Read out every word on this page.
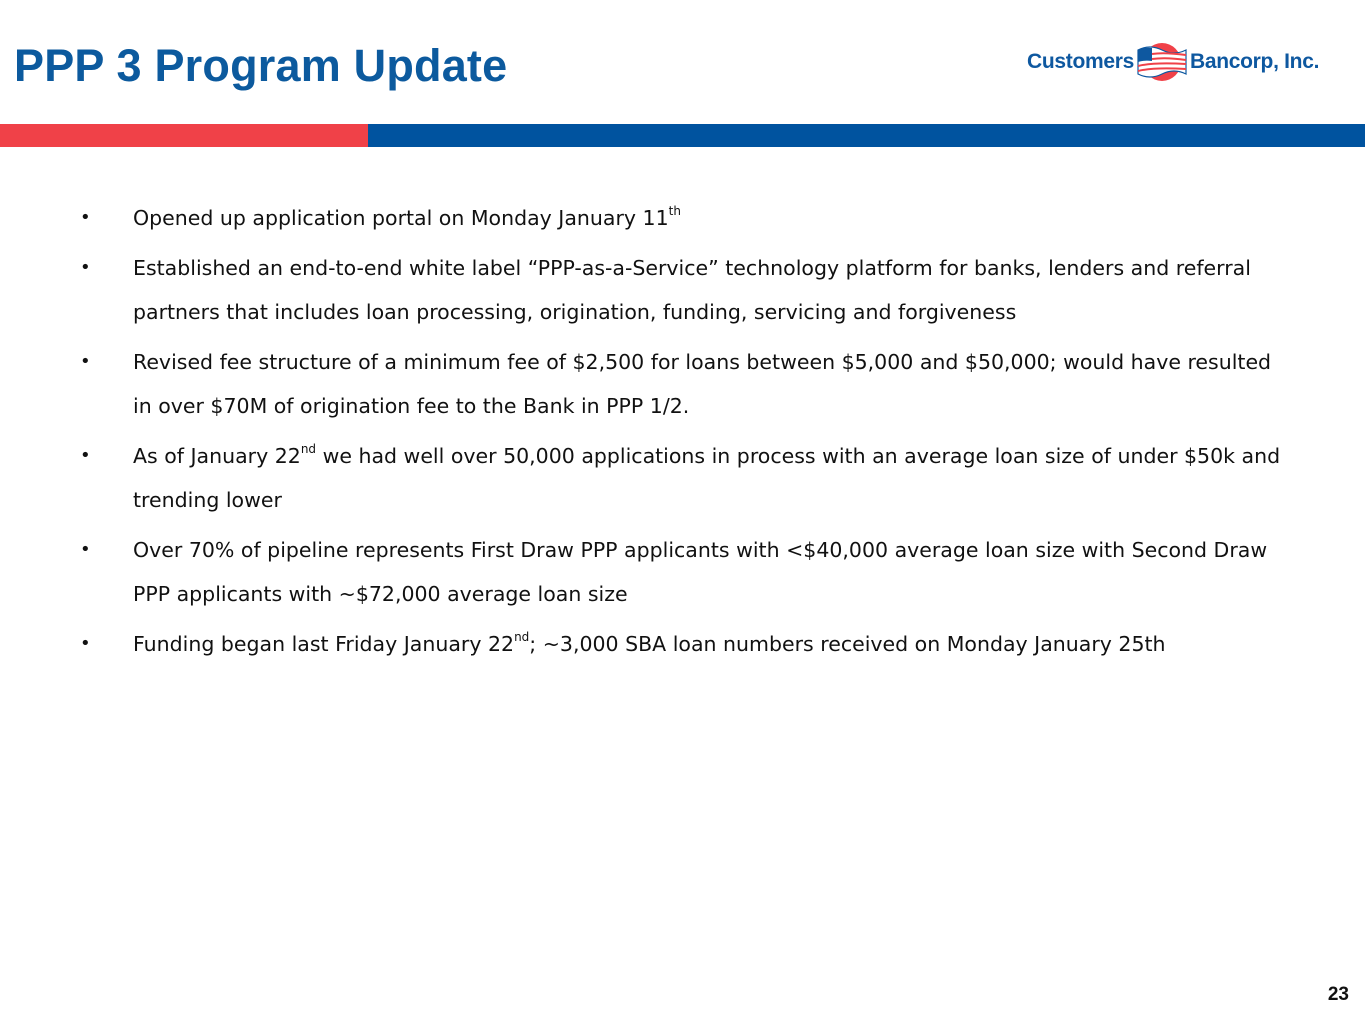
PPP 3 Program Update	Customers	Bancorp, Inc.
• Opened up application portal on Monday January 11th
• Established an end-to-end white label “PPP-as-a-Service” technology platform for banks, lenders and referral partners that includes loan processing, origination, funding, servicing and forgiveness
• Revised fee structure of a minimum fee of $2,500 for loans between $5,000 and $50,000; would have resulted in over $70M of origination fee to the Bank in PPP 1/2.
• As of January 22nd we had well over 50,000 applications in process with an average loan size of under $50k and trending lower
• Over 70% of pipeline represents First Draw PPP applicants with <$40,000 average loan size with Second Draw PPP applicants with ~$72,000 average loan size
• Funding began last Friday January 22nd; ~3,000 SBA loan numbers received on Monday January 25th
23
